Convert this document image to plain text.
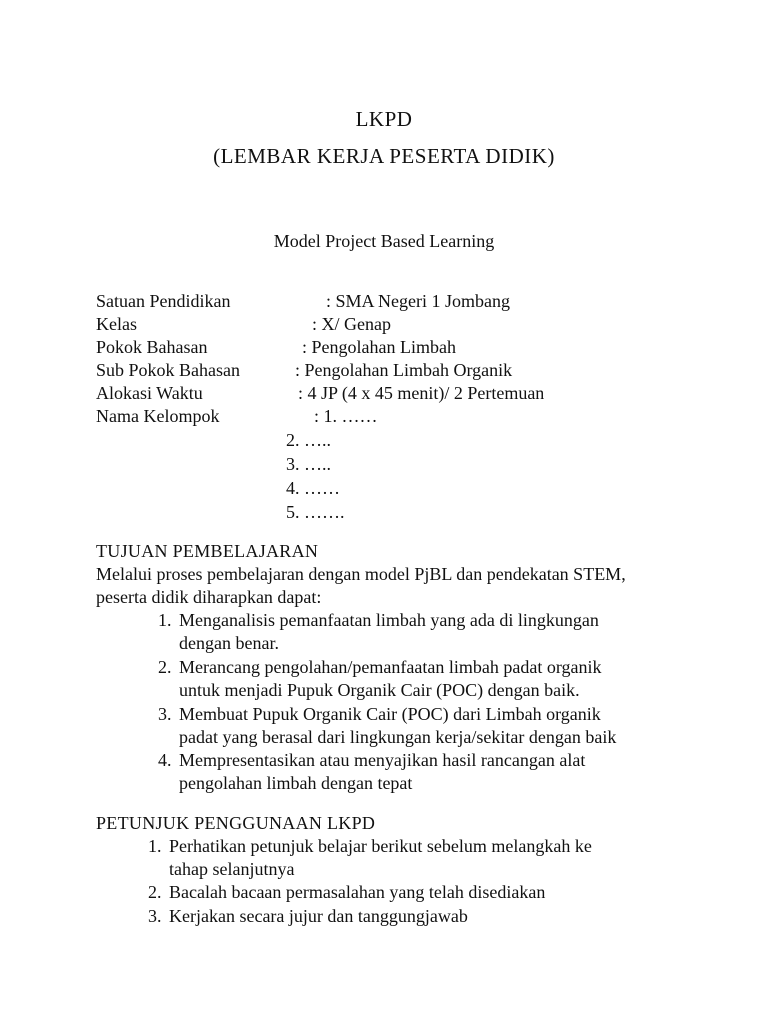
LKPD
(LEMBAR KERJA PESERTA DIDIK)
Model Project Based Learning
Satuan Pendidikan	: SMA Negeri 1 Jombang
Kelas	: X/ Genap
Pokok Bahasan	: Pengolahan Limbah
Sub Pokok Bahasan	: Pengolahan Limbah Organik
Alokasi Waktu	: 4 JP (4 x 45 menit)/ 2 Pertemuan
Nama Kelompok	: 1. ……
2. …..
3. …..
4. ……
5. …….
TUJUAN PEMBELAJARAN
Melalui proses pembelajaran dengan model PjBL dan pendekatan STEM,
peserta didik diharapkan dapat:
1. Menganalisis pemanfaatan limbah yang ada di lingkungan
dengan benar.
2. Merancang pengolahan/pemanfaatan limbah padat organik
untuk menjadi Pupuk Organik Cair (POC) dengan baik.
3. Membuat Pupuk Organik Cair (POC) dari Limbah organik
padat yang berasal dari lingkungan kerja/sekitar dengan baik
4. Mempresentasikan atau menyajikan hasil rancangan alat
pengolahan limbah dengan tepat
PETUNJUK PENGGUNAAN LKPD
1. Perhatikan petunjuk belajar berikut sebelum melangkah ke
tahap selanjutnya
2. Bacalah bacaan permasalahan yang telah disediakan
3. Kerjakan secara jujur dan tanggungjawab
